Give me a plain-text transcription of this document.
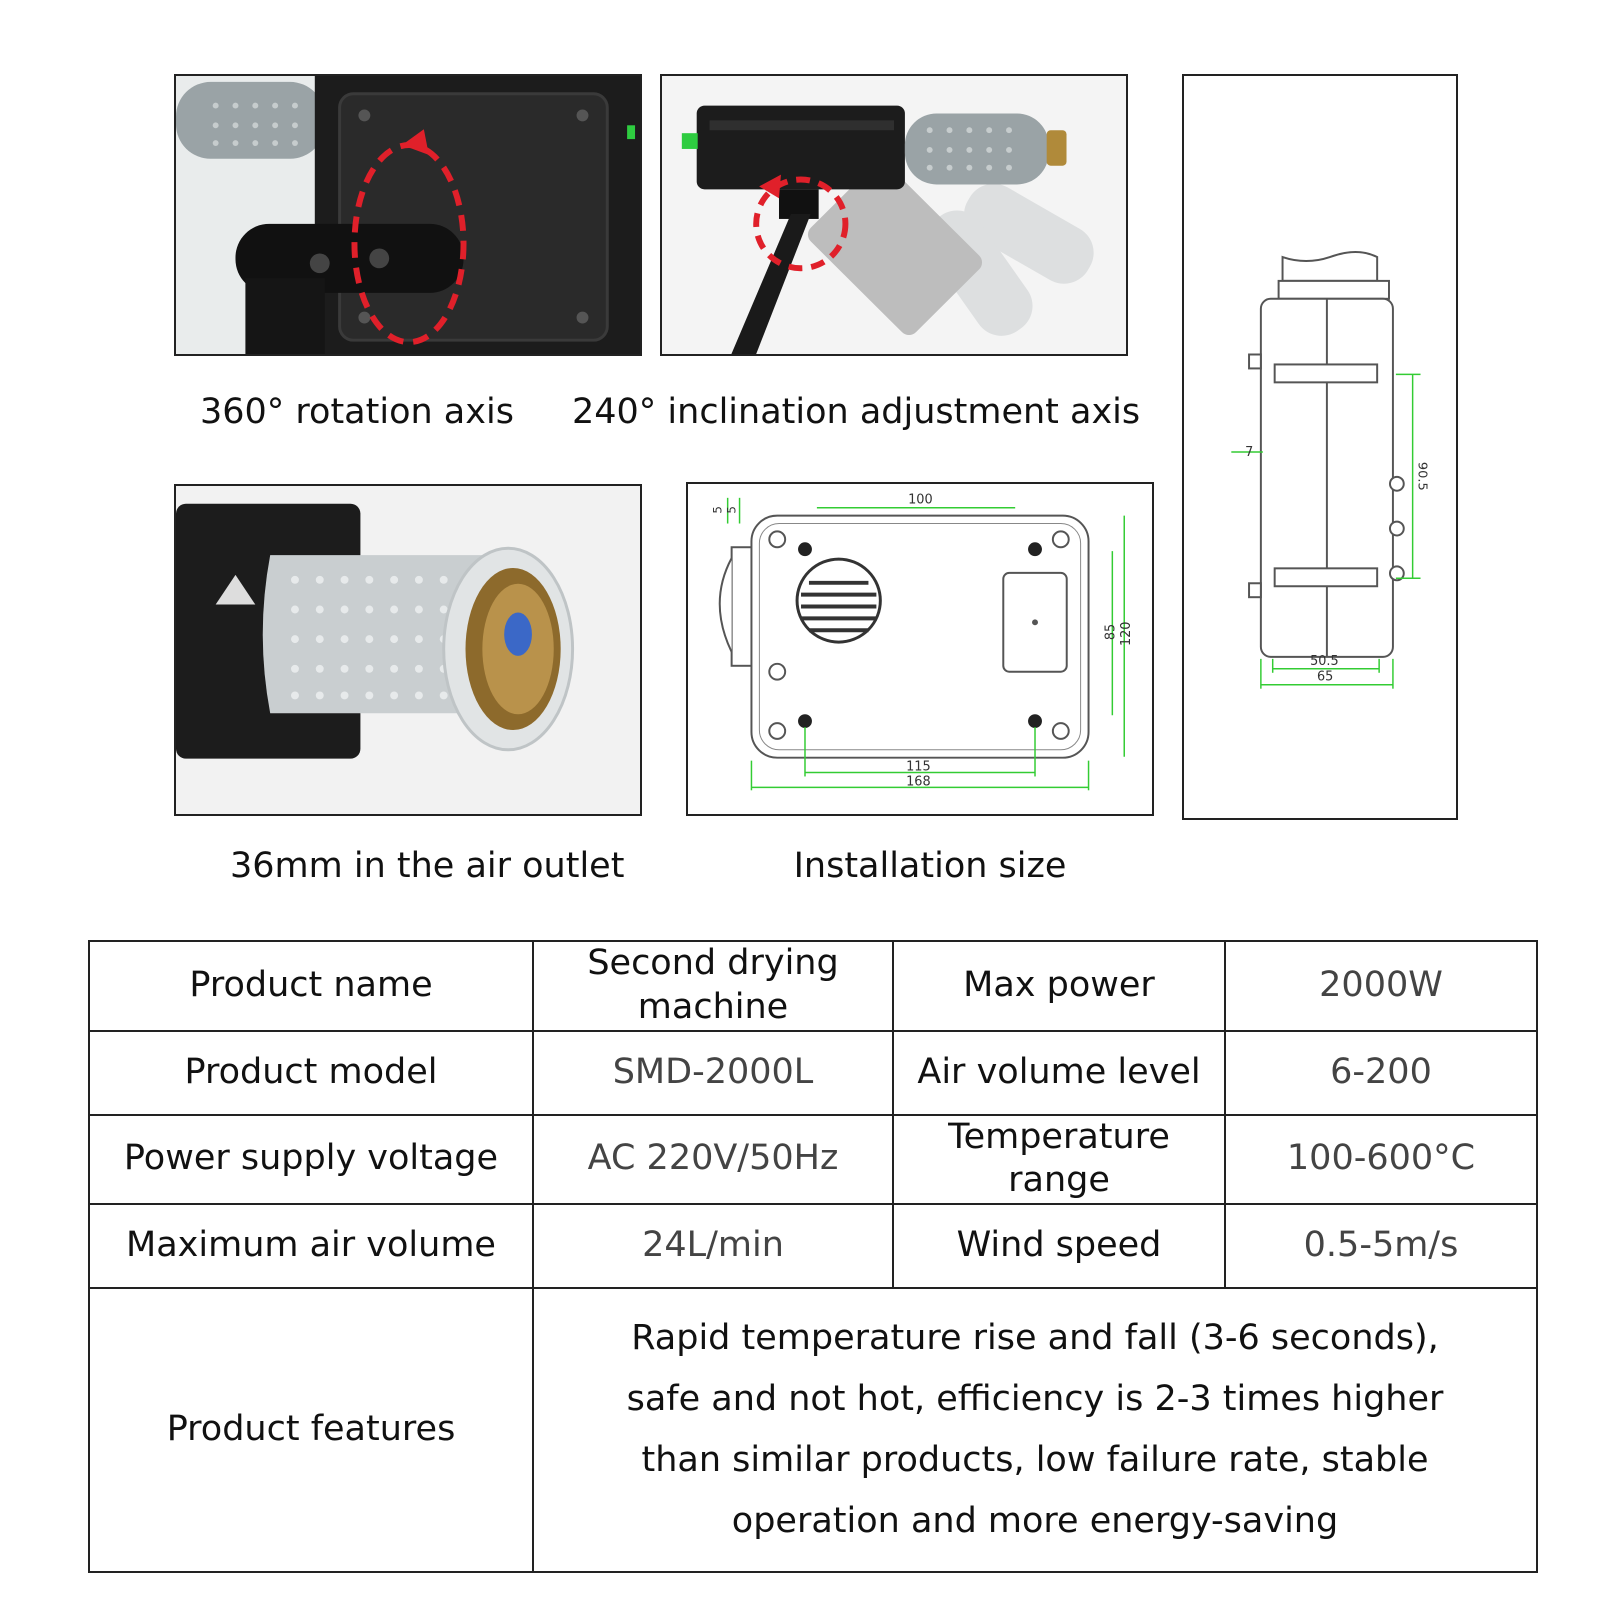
7
90.5
50.5
65
360° rotation axis 240° inclination adjustment axis
5 5
100
85 120
115
168
36mm in the air outlet	Installation size
Product name	Second drying machine	Max power	2000W
Product model	SMD-2000L	Air volume level	6-200
Power supply voltage	AC 220V/50Hz	Temperature range	100-600°C
Maximum air volume	24L/min	Wind speed	0.5-5m/s
Product features	Rapid temperature rise and fall (3-6 seconds),
safe and not hot, efficiency is 2-3 times higher
than similar products, low failure rate, stable
operation and more energy-saving		
